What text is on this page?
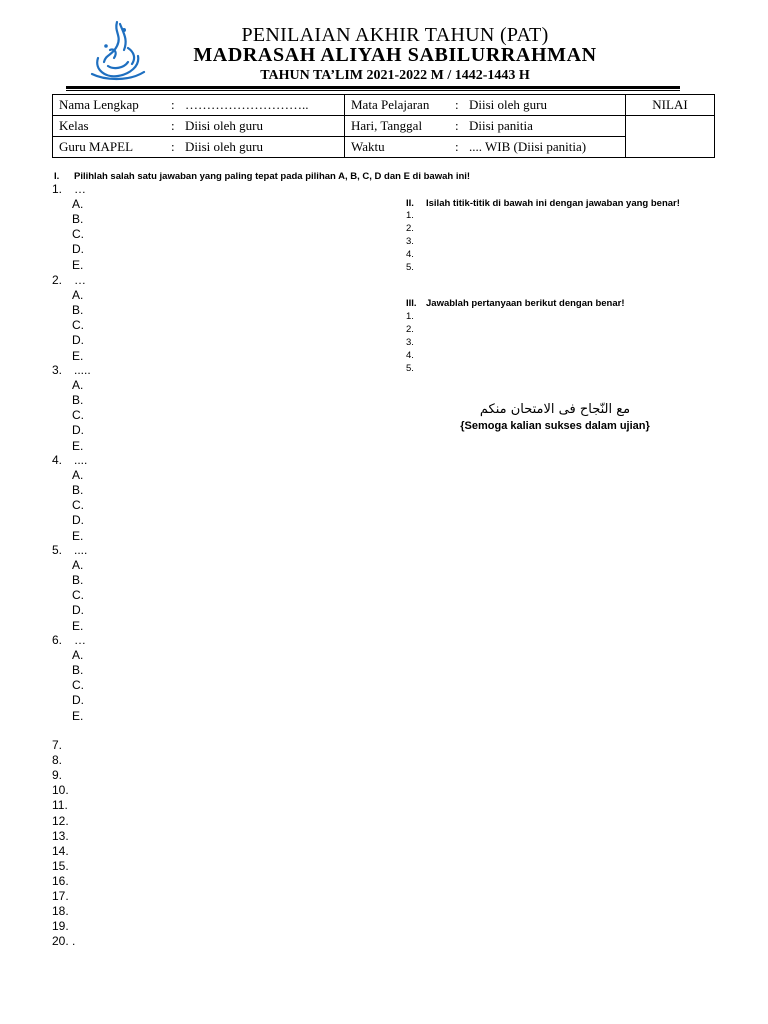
PENILAIAN AKHIR TAHUN (PAT)
MADRASAH ALIYAH SABILURRAHMAN
TAHUN TA’LIM 2021-2022 M / 1442-1443 H
Nama Lengkap : ………………………..	Mata Pelajaran : Diisi oleh guru	NILAI
Kelas : Diisi oleh guru	Hari, Tanggal : Diisi panitia	
Guru MAPEL : Diisi oleh guru	Waktu : .... WIB (Diisi panitia)	
I. Pilihlah salah satu jawaban yang paling tepat pada pilihan A, B, C, D dan E di bawah ini!
1. …
A.
B.
C.
D.
E.
2. …
A.
B.
C.
D.
E.
3. .....
A.
B.
C.
D.
E.
4. ....
A.
B.
C.
D.
E.
5. ....
A.
B.
C.
D.
E.
6. …
A.
B.
C.
D.
E.
7.
8.
9.
10.
11.
12.
13.
14.
15.
16.
17.
18.
19.
20. .
II. Isilah titik-titik di bawah ini dengan jawaban yang benar!
1.
2.
3.
4.
5.
III. Jawablah pertanyaan berikut dengan benar!
1.
2.
3.
4.
5.
مع النّجاح فى الامتحان منكم
{Semoga kalian sukses dalam ujian}
